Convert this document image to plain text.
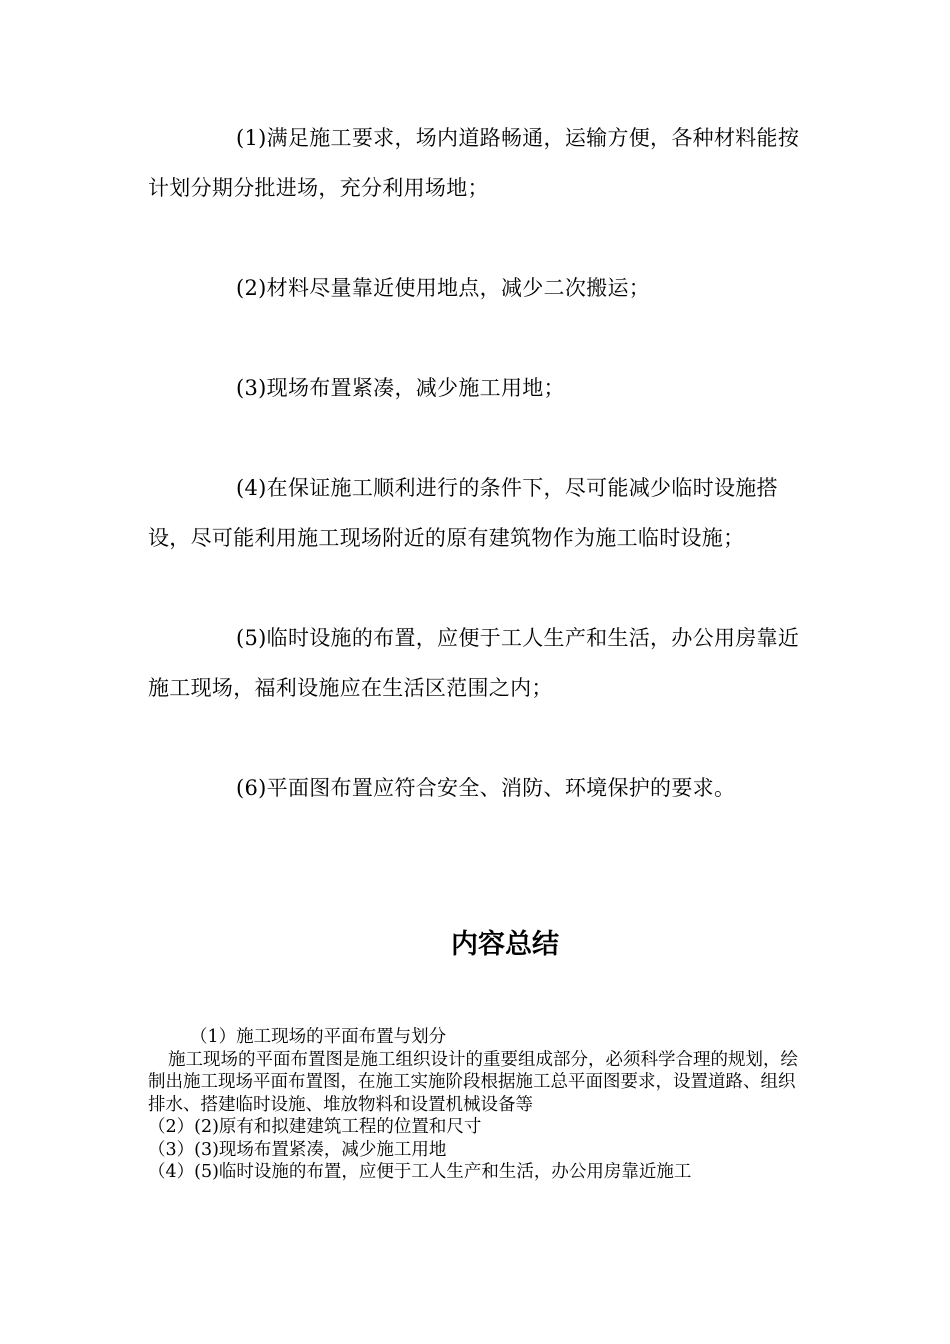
(1)满足施工要求，场内道路畅通，运输方便，各种材料能按计划分期分批进场，充分利用场地；

(2)材料尽量靠近使用地点，减少二次搬运；

(3)现场布置紧凑，减少施工用地；

(4)在保证施工顺利进行的条件下，尽可能减少临时设施搭设，尽可能利用施工现场附近的原有建筑物作为施工临时设施；

(5)临时设施的布置，应便于工人生产和生活，办公用房靠近施工现场，福利设施应在生活区范围之内；

(6)平面图布置应符合安全、消防、环境保护的要求。

内容总结
（1）施工现场的平面布置与划分
施工现场的平面布置图是施工组织设计的重要组成部分，必须科学合理的规划，绘制出施工现场平面布置图，在施工实施阶段根据施工总平面图要求，设置道路、组织排水、搭建临时设施、堆放物料和设置机械设备等
（2）(2)原有和拟建建筑工程的位置和尺寸
（3）(3)现场布置紧凑，减少施工用地
（4）(5)临时设施的布置，应便于工人生产和生活，办公用房靠近施工
